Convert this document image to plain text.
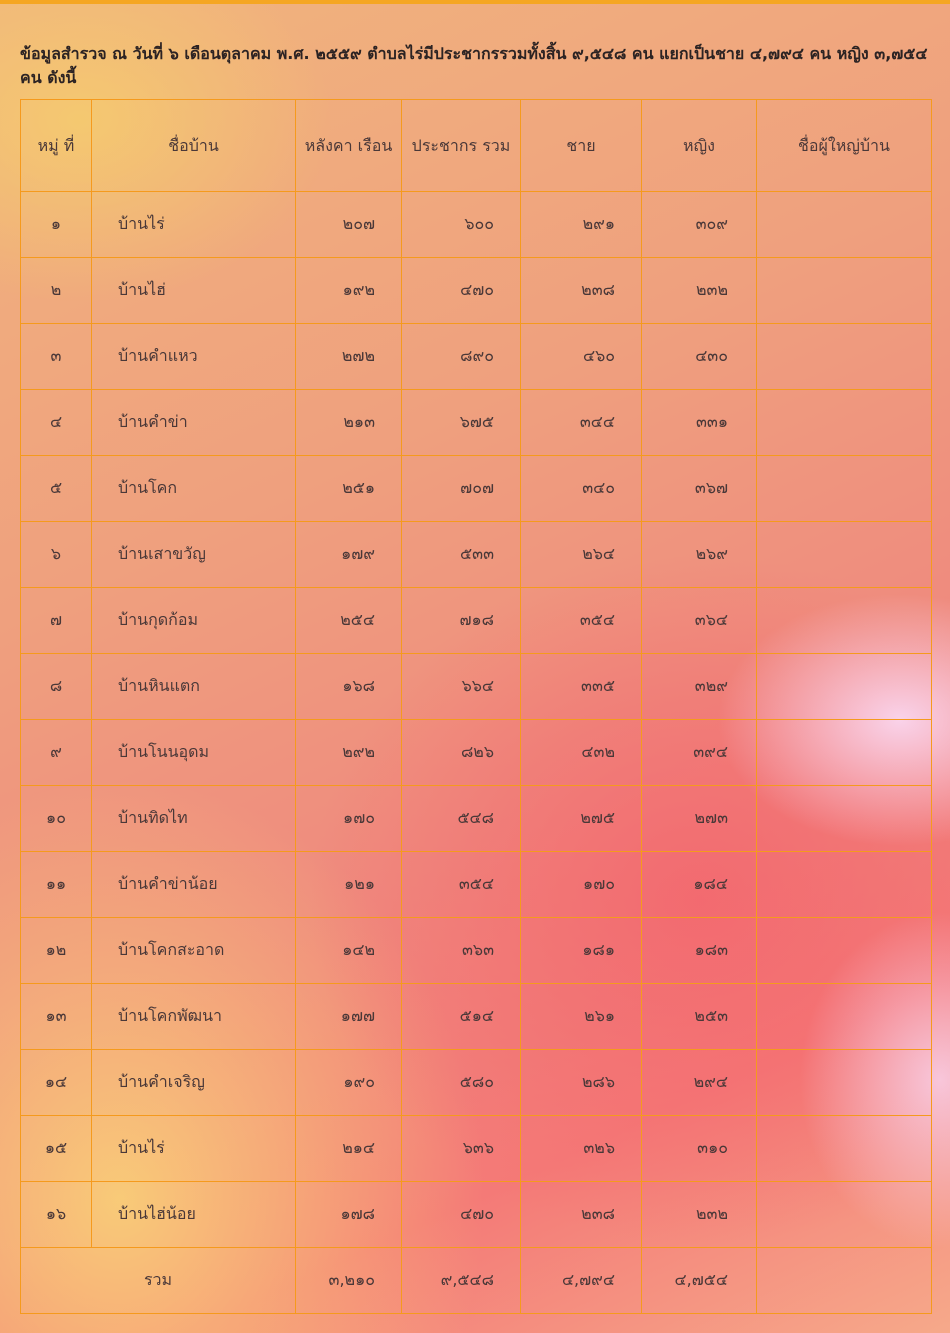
ข้อมูลสำรวจ ณ วันที่ ๖ เดือนตุลาคม พ.ศ. ๒๕๕๙ ตำบลไร่มีประชากรรวมทั้งสิ้น ๙,๕๔๘ คน แยกเป็นชาย ๔,๗๙๔ คน หญิง ๓,๗๕๔ คน ดังนี้

หมู่ ที่	ชื่อบ้าน	หลังคา เรือน	ประชากร รวม	ชาย	หญิง	ชื่อผู้ใหญ่บ้าน
๑	บ้านไร่	๒๐๗	๖๐๐	๒๙๑	๓๐๙	
๒	บ้านไฮ่	๑๙๒	๔๗๐	๒๓๘	๒๓๒	
๓	บ้านคำแหว	๒๗๒	๘๙๐	๔๖๐	๔๓๐	
๔	บ้านคำข่า	๒๑๓	๖๗๕	๓๔๔	๓๓๑	
๕	บ้านโคก	๒๕๑	๗๐๗	๓๔๐	๓๖๗	
๖	บ้านเสาขวัญ	๑๗๙	๕๓๓	๒๖๔	๒๖๙	
๗	บ้านกุดก้อม	๒๕๔	๗๑๘	๓๕๔	๓๖๔	
๘	บ้านหินแตก	๑๖๘	๖๖๔	๓๓๕	๓๒๙	
๙	บ้านโนนอุดม	๒๙๒	๘๒๖	๔๓๒	๓๙๔	
๑๐	บ้านทิดไท	๑๗๐	๕๔๘	๒๗๕	๒๗๓	
๑๑	บ้านคำข่าน้อย	๑๒๑	๓๕๔	๑๗๐	๑๘๔	
๑๒	บ้านโคกสะอาด	๑๔๒	๓๖๓	๑๘๑	๑๘๓	
๑๓	บ้านโคกพัฒนา	๑๗๗	๕๑๔	๒๖๑	๒๕๓	
๑๔	บ้านคำเจริญ	๑๙๐	๕๘๐	๒๘๖	๒๙๔	
๑๕	บ้านไร่	๒๑๔	๖๓๖	๓๒๖	๓๑๐	
๑๖	บ้านไฮ่น้อย	๑๗๘	๔๗๐	๒๓๘	๒๓๒	
รวม		๓,๒๑๐	๙,๕๔๘	๔,๗๙๔	๔,๗๕๔	
